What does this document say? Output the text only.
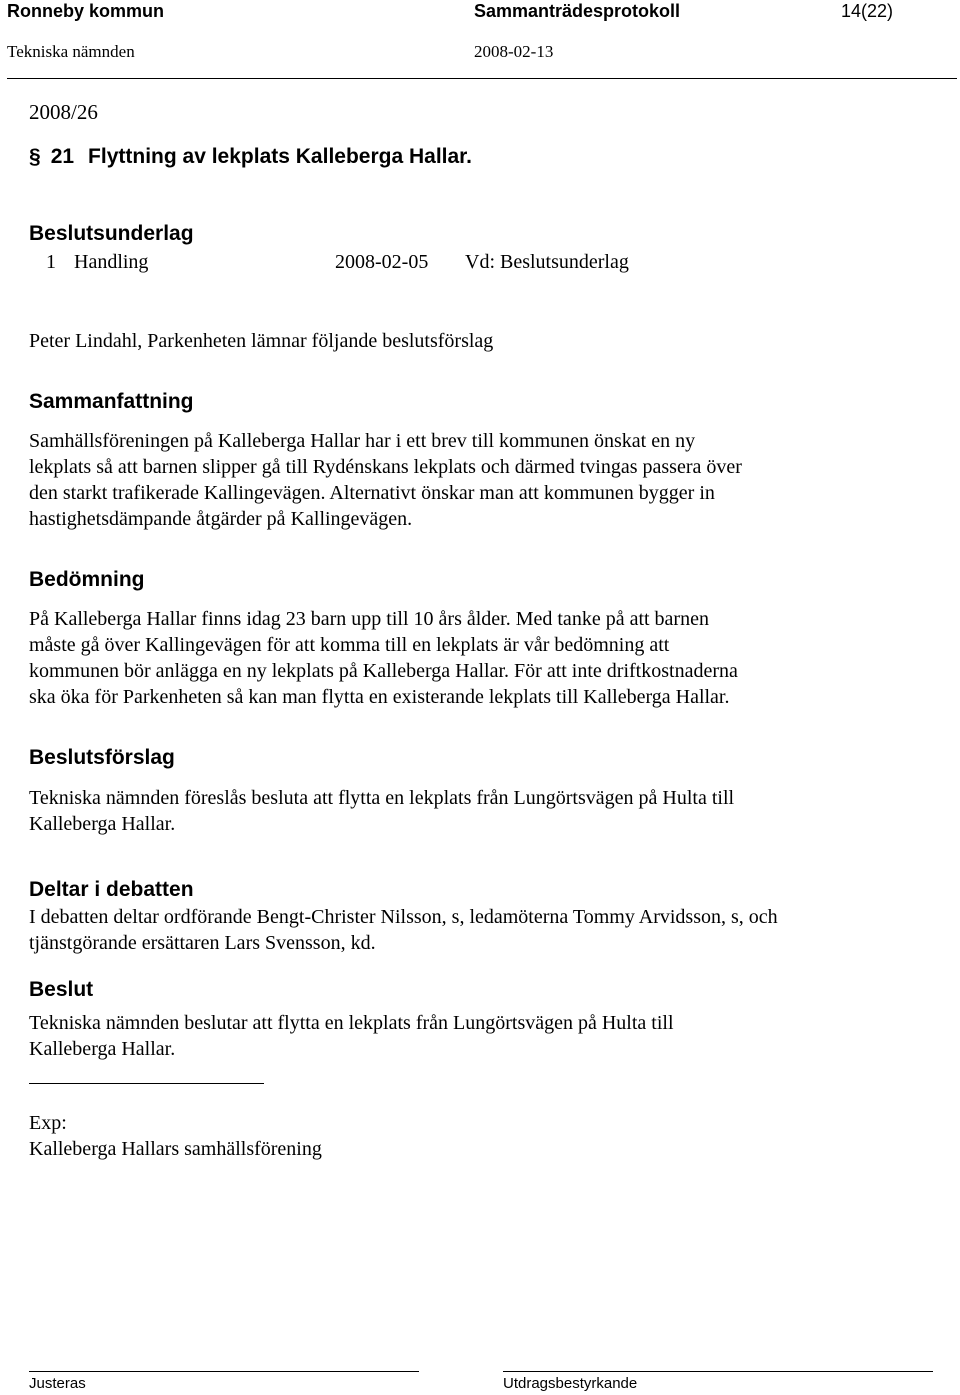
Ronneby kommun	Sammanträdesprotokoll	14(22)
Tekniska nämnden	2008-02-13
2008/26
§ 21 Flyttning av lekplats Kalleberga Hallar.
Beslutsunderlag
1 Handling	2008-02-05 Vd: Beslutsunderlag
Peter Lindahl, Parkenheten lämnar följande beslutsförslag
Sammanfattning
Samhällsföreningen på Kalleberga Hallar har i ett brev till kommunen önskat en ny
lekplats så att barnen slipper gå till Rydénskans lekplats och därmed tvingas passera över
den starkt trafikerade Kallingevägen. Alternativt önskar man att kommunen bygger in
hastighetsdämpande åtgärder på Kallingevägen.
Bedömning
På Kalleberga Hallar finns idag 23 barn upp till 10 års ålder. Med tanke på att barnen
måste gå över Kallingevägen för att komma till en lekplats är vår bedömning att
kommunen bör anlägga en ny lekplats på Kalleberga Hallar. För att inte driftkostnaderna
ska öka för Parkenheten så kan man flytta en existerande lekplats till Kalleberga Hallar.
Beslutsförslag
Tekniska nämnden föreslås besluta att flytta en lekplats från Lungörtsvägen på Hulta till
Kalleberga Hallar.
Deltar i debatten
I debatten deltar ordförande Bengt-Christer Nilsson, s, ledamöterna Tommy Arvidsson, s, och
tjänstgörande ersättaren Lars Svensson, kd.
Beslut
Tekniska nämnden beslutar att flytta en lekplats från Lungörtsvägen på Hulta till
Kalleberga Hallar.
Exp:
Kalleberga Hallars samhällsförening
Justeras	Utdragsbestyrkande
